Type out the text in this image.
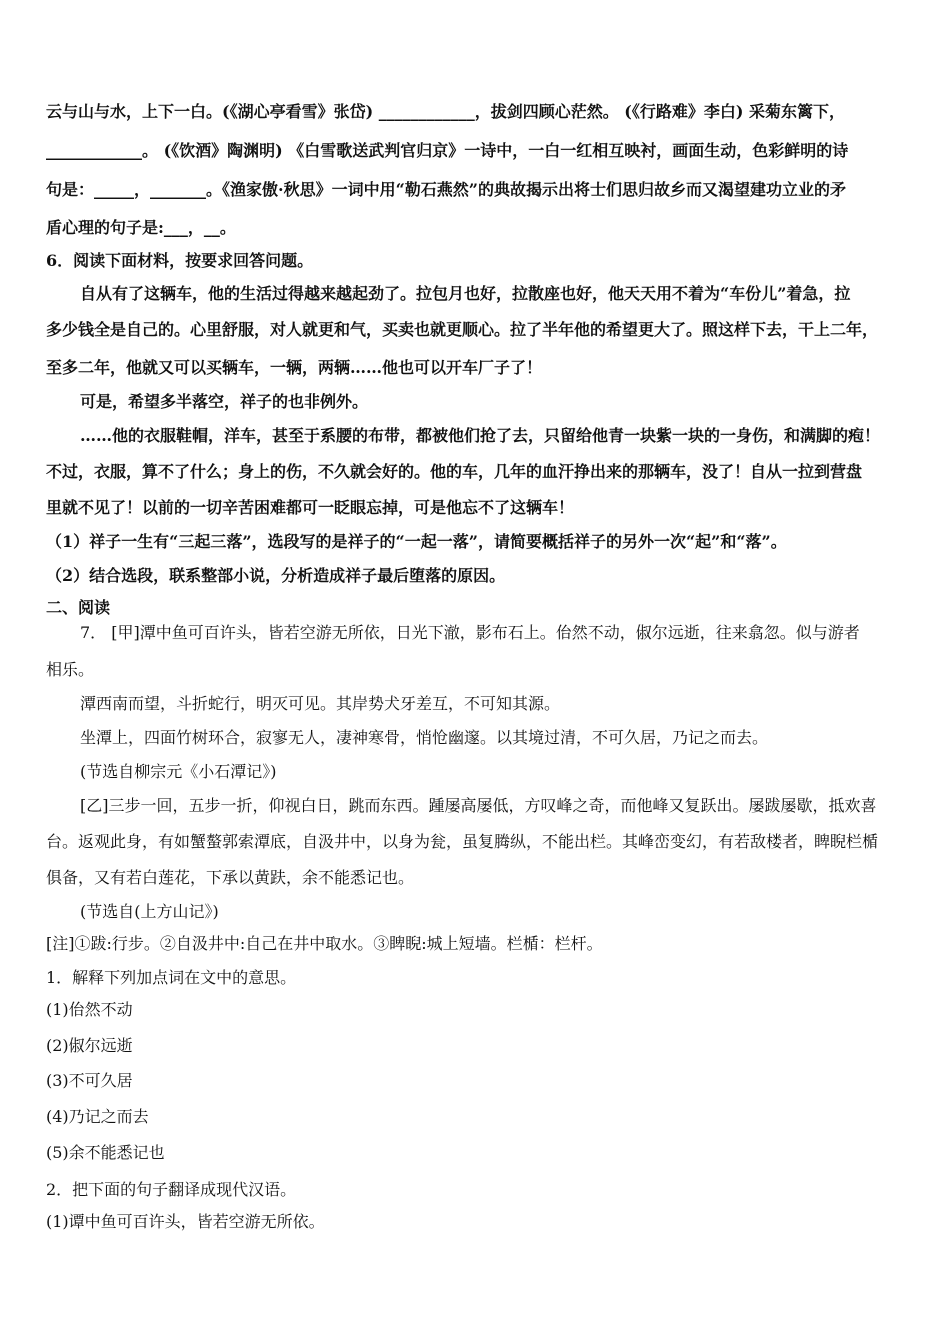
云与山与水，上下一白。(《湖心亭看雪》张岱) ____________，拔剑四顾心茫然。 (《行路难》李白) 采菊东篱下，

____________。 (《饮酒》陶渊明) 《白雪歌送武判官归京》一诗中，一白一红相互映衬，画面生动，色彩鲜明的诗

句是：_____，_______。《渔家傲·秋思》一词中用“勒石燕然”的典故揭示出将士们思归故乡而又渴望建功立业的矛

盾心理的句子是:___，__。

6．阅读下面材料，按要求回答问题。

自从有了这辆车，他的生活过得越来越起劲了。拉包月也好，拉散座也好，他天天用不着为“车份儿”着急，拉

多少钱全是自己的。心里舒服，对人就更和气，买卖也就更顺心。拉了半年他的希望更大了。照这样下去，干上二年，

至多二年，他就又可以买辆车，一辆，两辆……他也可以开车厂子了！

可是，希望多半落空，祥子的也非例外。

……他的衣服鞋帽，洋车，甚至于系腰的布带，都被他们抢了去，只留给他青一块紫一块的一身伤，和满脚的疱！

不过，衣服，算不了什么；身上的伤，不久就会好的。他的车，几年的血汗挣出来的那辆车，没了！自从一拉到营盘

里就不见了！以前的一切辛苦困难都可一眨眼忘掉，可是他忘不了这辆车！

（1）祥子一生有“三起三落”，选段写的是祥子的“一起一落”，请简要概括祥子的另外一次“起”和“落”。

（2）结合选段，联系整部小说，分析造成祥子最后堕落的原因。

二、阅读

7． [甲]潭中鱼可百许头，皆若空游无所依，日光下澈，影布石上。佁然不动，俶尔远逝，往来翕忽。似与游者

相乐。

潭西南而望，斗折蛇行，明灭可见。其岸势犬牙差互，不可知其源。

坐潭上，四面竹树环合，寂寥无人，凄神寒骨，悄怆幽邃。以其境过清，不可久居，乃记之而去。

(节选自柳宗元《小石潭记》)

[乙]三步一回，五步一折，仰视白日，跳而东西。踵屡高屡低，方叹峰之奇，而他峰又复跃出。屡跋屡歇，抵欢喜

台。返观此身，有如蟹螯郭索潭底，自汲井中，以身为瓮，虽复腾纵，不能出栏。其峰峦变幻，有若敌楼者，睥睨栏楯

俱备，又有若白莲花，下承以黄趺，余不能悉记也。

(节选自(上方山记》)

[注]①跋:行步。②自汲井中:自己在井中取水。③睥睨:城上短墙。栏楯：栏杆。

1．解释下列加点词在文中的意思。

(1)佁然不动

(2)俶尔远逝

(3)不可久居

(4)乃记之而去

(5)余不能悉记也

2．把下面的句子翻译成现代汉语。

(1)谭中鱼可百许头，皆若空游无所依。
